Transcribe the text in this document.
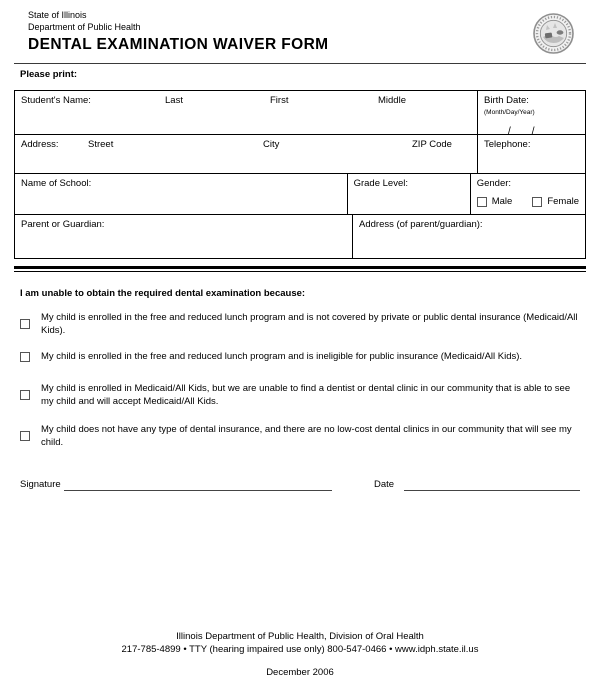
State of Illinois
Department of Public Health
DENTAL EXAMINATION WAIVER FORM
Please print:
Student's Name:	Last	First	Middle	Birth Date: (Month/Day/Year)
/ /
Address:	Street	City	ZIP Code	Telephone:
Name of School:	Grade Level:	Gender:
Male	Female
Parent or Guardian:	Address (of parent/guardian):
I am unable to obtain the required dental examination because:
My child is enrolled in the free and reduced lunch program and is not covered by private or public dental insurance (Medicaid/All Kids).
My child is enrolled in the free and reduced lunch program and is ineligible for public insurance (Medicaid/All Kids).
My child is enrolled in Medicaid/All Kids, but we are unable to find a dentist or dental clinic in our community that is able to see my child and will accept Medicaid/All Kids.
My child does not have any type of dental insurance, and there are no low-cost dental clinics in our community that will see my child.
Signature	Date
Illinois Department of Public Health, Division of Oral Health
217-785-4899 • TTY (hearing impaired use only) 800-547-0466 • www.idph.state.il.us
December 2006
